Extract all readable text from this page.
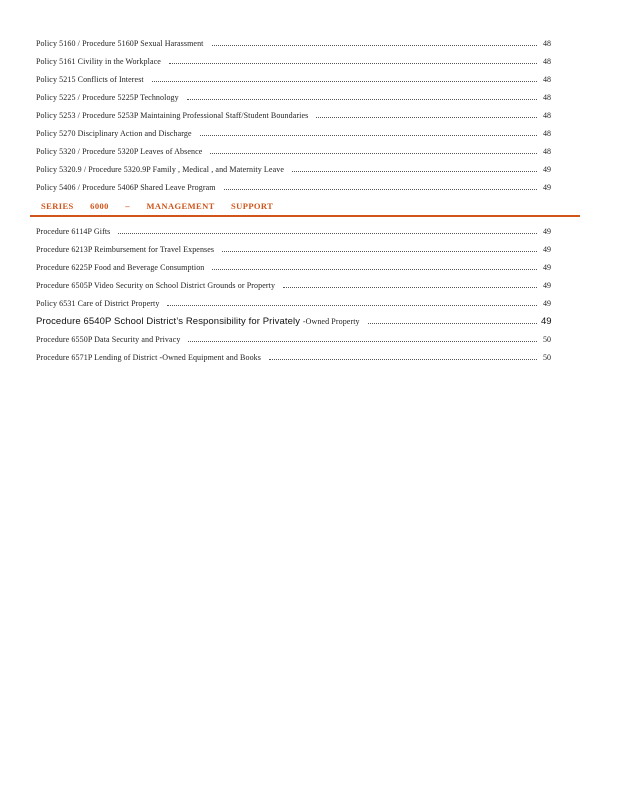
Policy 5160 / Procedure 5160P Sexual Harassment	48
Policy 5161 Civility in the Workplace	48
Policy 5215 Conflicts of Interest	48
Policy 5225 / Procedure 5225P Technology	48
Policy 5253 / Procedure 5253P Maintaining Professional Staff/Student Boundaries	48
Policy 5270 Disciplinary Action and Discharge	48
Policy 5320 / Procedure 5320P Leaves of Absence	48
Policy 5320.9 / Procedure 5320.9P Family , Medical , and Maternity Leave	49
Policy 5406 / Procedure 5406P Shared Leave Program	49
SERIES 6000 – MANAGEMENT SUPPORT
Procedure 6114P Gifts	49
Procedure 6213P Reimbursement for Travel Expenses	49
Procedure 6225P Food and Beverage Consumption	49
Procedure 6505P Video Security on School District Grounds or Property	49
Policy 6531 Care of District Property	49
Procedure 6540P School District’s Responsibility for Privately -Owned Property	49
Procedure 6550P Data Security and Privacy	50
Procedure 6571P Lending of District -Owned Equipment and Books	50
